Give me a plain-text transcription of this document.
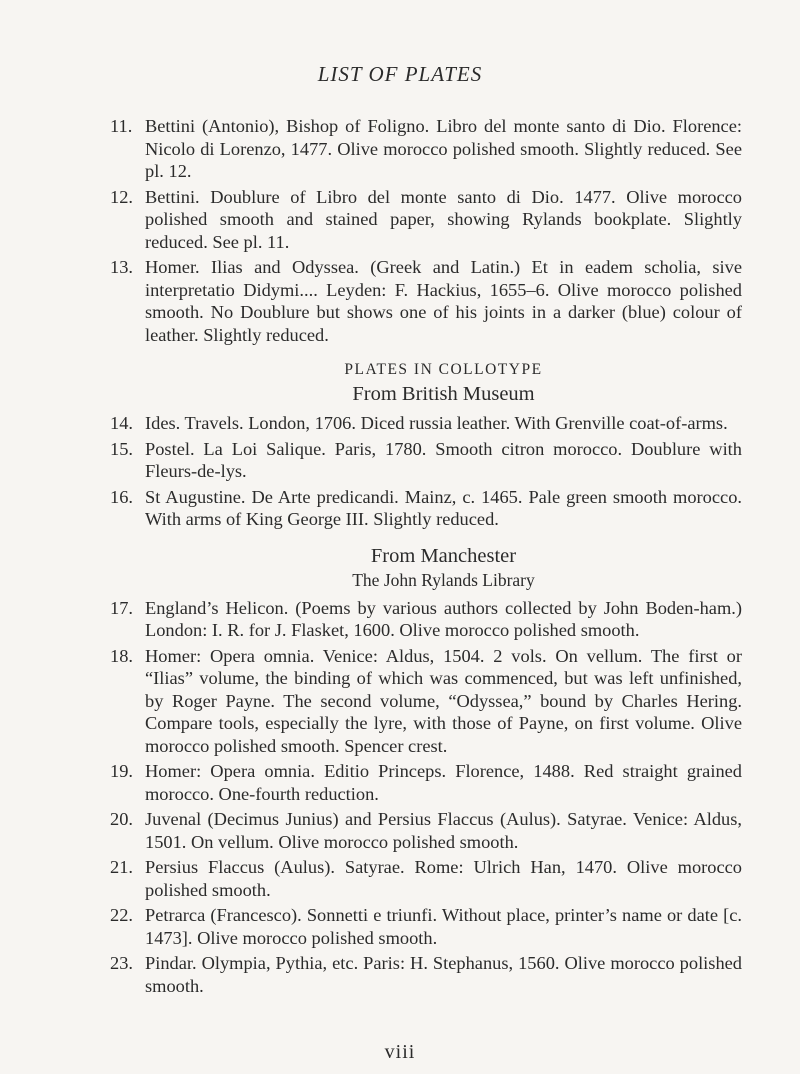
LIST OF PLATES
11. Bettini (Antonio), Bishop of Foligno. Libro del monte santo di Dio. Florence: Nicolo di Lorenzo, 1477. Olive morocco polished smooth. Slightly reduced. See pl. 12.
12. Bettini. Doublure of Libro del monte santo di Dio. 1477. Olive morocco polished smooth and stained paper, showing Rylands bookplate. Slightly reduced. See pl. 11.
13. Homer. Ilias and Odyssea. (Greek and Latin.) Et in eadem scholia, sive interpretatio Didymi.... Leyden: F. Hackius, 1655–6. Olive morocco polished smooth. No Doublure but shows one of his joints in a darker (blue) colour of leather. Slightly reduced.
PLATES IN COLLOTYPE
From British Museum
14. Ides. Travels. London, 1706. Diced russia leather. With Grenville coat-of-arms.
15. Postel. La Loi Salique. Paris, 1780. Smooth citron morocco. Doublure with Fleurs-de-lys.
16. St Augustine. De Arte predicandi. Mainz, c. 1465. Pale green smooth morocco. With arms of King George III. Slightly reduced.
From Manchester
The John Rylands Library
17. England’s Helicon. (Poems by various authors collected by John Boden-ham.) London: I. R. for J. Flasket, 1600. Olive morocco polished smooth.
18. Homer: Opera omnia. Venice: Aldus, 1504. 2 vols. On vellum. The first or “Ilias” volume, the binding of which was commenced, but was left unfinished, by Roger Payne. The second volume, “Odyssea,” bound by Charles Hering. Compare tools, especially the lyre, with those of Payne, on first volume. Olive morocco polished smooth. Spencer crest.
19. Homer: Opera omnia. Editio Princeps. Florence, 1488. Red straight grained morocco. One-fourth reduction.
20. Juvenal (Decimus Junius) and Persius Flaccus (Aulus). Satyrae. Venice: Aldus, 1501. On vellum. Olive morocco polished smooth.
21. Persius Flaccus (Aulus). Satyrae. Rome: Ulrich Han, 1470. Olive morocco polished smooth.
22. Petrarca (Francesco). Sonnetti e triunfi. Without place, printer’s name or date [c. 1473]. Olive morocco polished smooth.
23. Pindar. Olympia, Pythia, etc. Paris: H. Stephanus, 1560. Olive morocco polished smooth.
viii
